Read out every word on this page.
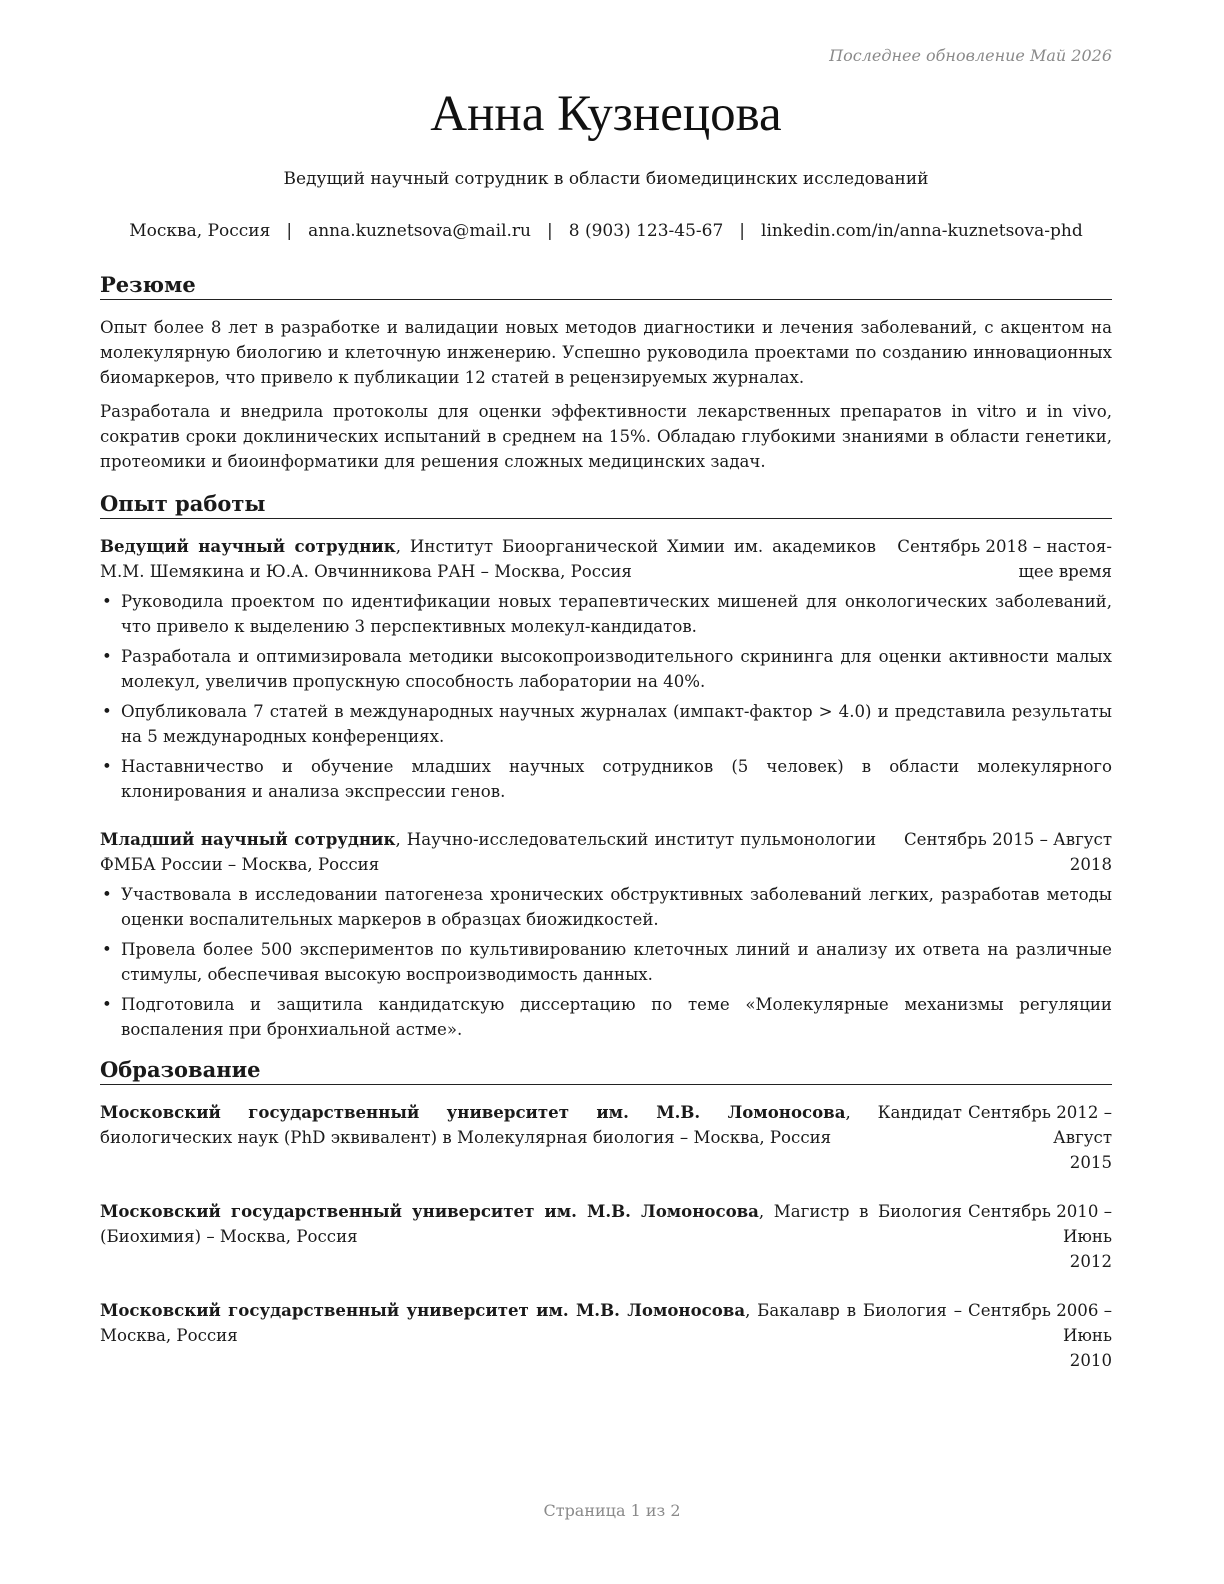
Последнее обновление Май 2026
Анна Кузнецова
Ведущий научный сотрудник в области биомедицинских исследований
Москва, Россия | anna.kuznetsova@mail.ru | 8 (903) 123-45-67 | linkedin.com/in/anna-kuznetsova-phd
Резюме

Опыт более 8 лет в разработке и валидации новых методов диагностики и лечения заболеваний, с акцентом на молекулярную биологию и клеточную инженерию. Успешно руководила проектами по созданию инновационных биомаркеров, что привело к публикации 12 статей в рецензируемых журналах.

Разработала и внедрила протоколы для оценки эффективности лекарственных препаратов in vitro и in vivo, сократив сроки доклинических испытаний в среднем на 15%. Обладаю глубокими знаниями в области генетики, протеомики и биоинформатики для решения сложных медицинских задач.

Опыт работы
Ведущий научный сотрудник, Институт Биоорганической Химии им. академиков М.М. Шемякина и Ю.А. Овчинникова РАН – Москва, Россия
Сентябрь 2018 – настоя-
щее время
• Руководила проектом по идентификации новых терапевтических мишеней для онкологических заболеваний, что привело к выделению 3 перспективных молекул-кандидатов.
• Разработала и оптимизировала методики высокопроизводительного скрининга для оценки активности малых молекул, увеличив пропускную способность лаборатории на 40%.
• Опубликовала 7 статей в международных научных журналах (импакт-фактор > 4.0) и представила результаты на 5 международных конференциях.
• Наставничество и обучение младших научных сотрудников (5 человек) в области молекулярного клонирования и анализа экспрессии генов.
Младший научный сотрудник, Научно-исследовательский институт пульмонологии ФМБА России – Москва, Россия
Сентябрь 2015 – Август
2018
• Участвовала в исследовании патогенеза хронических обструктивных заболеваний легких, разработав методы оценки воспалительных маркеров в образцах биожидкостей.
• Провела более 500 экспериментов по культивированию клеточных линий и анализу их ответа на различные стимулы, обеспечивая высокую воспроизводимость данных.
• Подготовила и защитила кандидатскую диссертацию по теме «Молекулярные механизмы регуляции воспаления при бронхиальной астме».
Образование
Московский государственный университет им. М.В. Ломоносова, Кандидат биологических наук (PhD эквивалент) в Молекулярная биология – Москва, Россия
Сентябрь 2012 – Август
2015
Московский государственный университет им. М.В. Ломоносова, Магистр в Биология (Биохимия) – Москва, Россия
Сентябрь 2010 – Июнь
2012
Московский государственный университет им. М.В. Ломоносова, Бакалавр в Биология – Москва, Россия
Сентябрь 2006 – Июнь
2010
Страница 1 из 2
